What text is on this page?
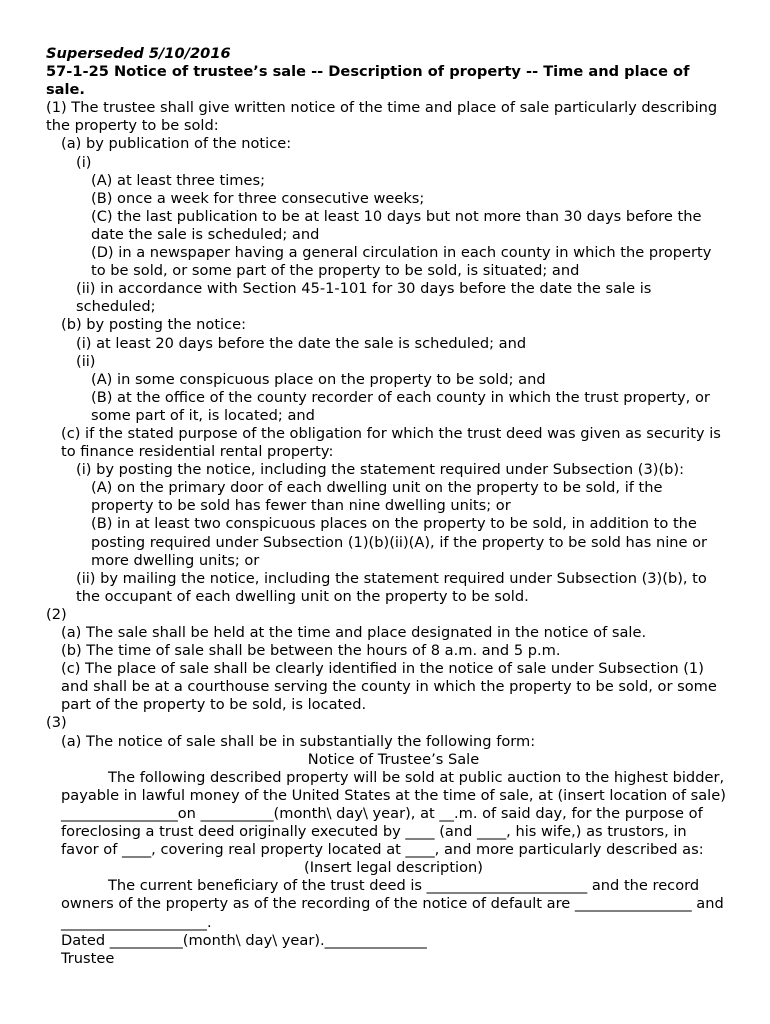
Superseded 5/10/2016

57-1-25 Notice of trustee’s sale -- Description of property -- Time and place of sale.

(1) The trustee shall give written notice of the time and place of sale particularly describing the property to be sold:

(a) by publication of the notice:

(i)

(A) at least three times;

(B) once a week for three consecutive weeks;

(C) the last publication to be at least 10 days but not more than 30 days before the date the sale is scheduled; and

(D) in a newspaper having a general circulation in each county in which the property to be sold, or some part of the property to be sold, is situated; and

(ii) in accordance with Section 45-1-101 for 30 days before the date the sale is scheduled;

(b) by posting the notice:

(i) at least 20 days before the date the sale is scheduled; and

(ii)

(A) in some conspicuous place on the property to be sold; and

(B) at the office of the county recorder of each county in which the trust property, or some part of it, is located; and

(c) if the stated purpose of the obligation for which the trust deed was given as security is to finance residential rental property:

(i) by posting the notice, including the statement required under Subsection (3)(b):

(A) on the primary door of each dwelling unit on the property to be sold, if the property to be sold has fewer than nine dwelling units; or

(B) in at least two conspicuous places on the property to be sold, in addition to the posting required under Subsection (1)(b)(ii)(A), if the property to be sold has nine or more dwelling units; or

(ii) by mailing the notice, including the statement required under Subsection (3)(b), to the occupant of each dwelling unit on the property to be sold.

(2)

(a) The sale shall be held at the time and place designated in the notice of sale.

(b) The time of sale shall be between the hours of 8 a.m. and 5 p.m.

(c) The place of sale shall be clearly identified in the notice of sale under Subsection (1) and shall be at a courthouse serving the county in which the property to be sold, or some part of the property to be sold, is located.

(3)

(a) The notice of sale shall be in substantially the following form:

Notice of Trustee’s Sale

The following described property will be sold at public auction to the highest bidder, payable in lawful money of the United States at the time of sale, at (insert location of sale) ________________on __________(month\ day\ year), at __.m. of said day, for the purpose of foreclosing a trust deed originally executed by ____ (and ____, his wife,) as trustors, in favor of ____, covering real property located at ____, and more particularly described as:

(Insert legal description)

The current beneficiary of the trust deed is ______________________ and the record owners of the property as of the recording of the notice of default are ________________ and ____________________.

Dated __________(month\ day\ year).______________

Trustee
